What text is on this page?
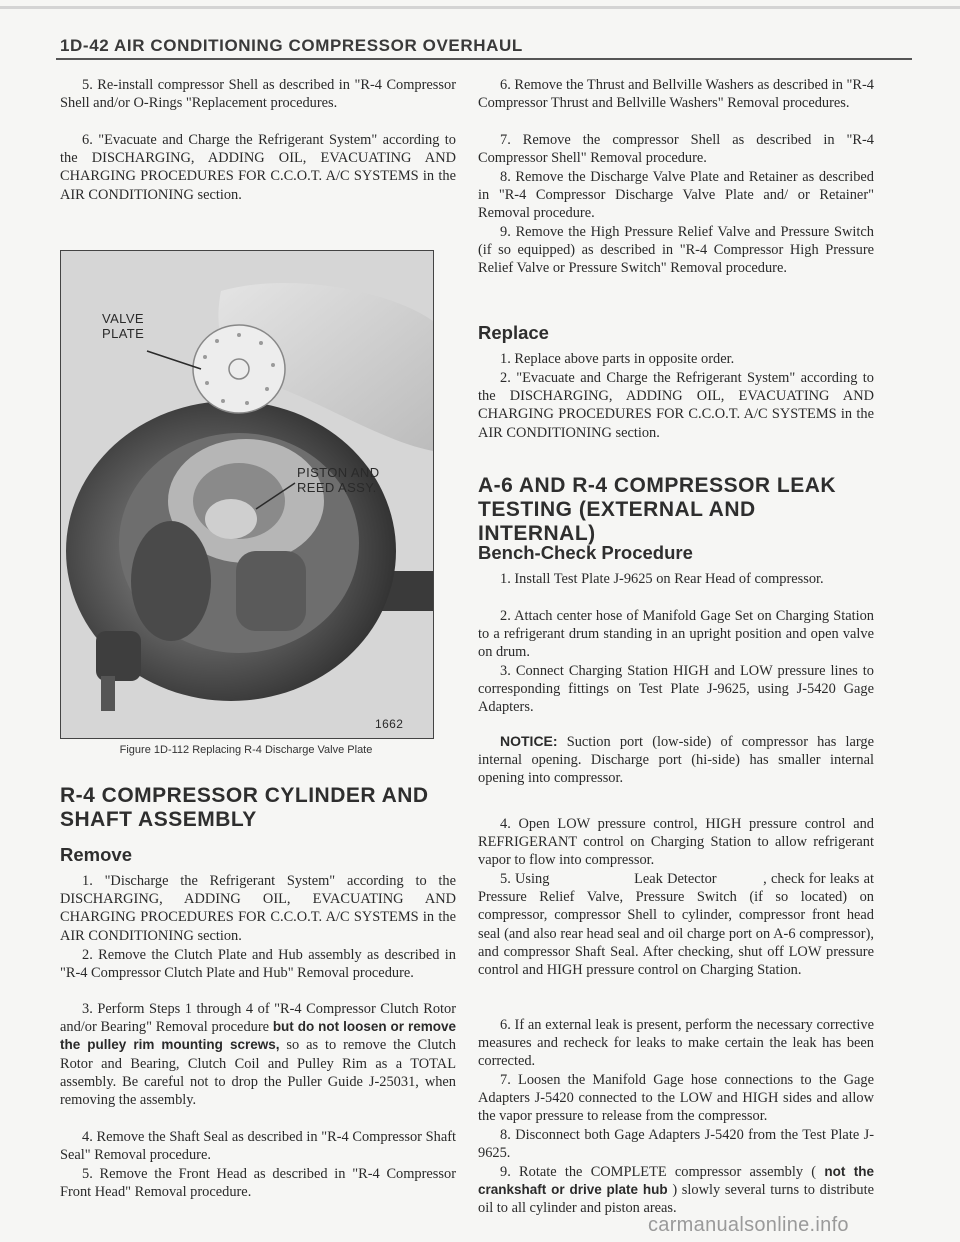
1D-42 AIR CONDITIONING COMPRESSOR OVERHAUL

5. Re-install compressor Shell as described in "R-4 Compressor Shell and/or O-Rings "Replacement procedures.

6. "Evacuate and Charge the Refrigerant System" according to the DISCHARGING, ADDING OIL, EVACUATING AND CHARGING PROCEDURES FOR C.C.O.T. A/C SYSTEMS in the AIR CONDITIONING section.

VALVE
PLATE
PISTON AND
REED ASSY.
1662
Figure 1D-112 Replacing R-4 Discharge Valve Plate
R-4 COMPRESSOR CYLINDER AND SHAFT ASSEMBLY
Remove

1. "Discharge the Refrigerant System" according to the DISCHARGING, ADDING OIL, EVACUATING AND CHARGING PROCEDURES FOR C.C.O.T. A/C SYSTEMS in the AIR CONDITIONING section.

2. Remove the Clutch Plate and Hub assembly as described in "R-4 Compressor Clutch Plate and Hub" Removal procedure.

3. Perform Steps 1 through 4 of "R-4 Compressor Clutch Rotor and/or Bearing" Removal procedure but do not loosen or remove the pulley rim mounting screws, so as to remove the Clutch Rotor and Bearing, Clutch Coil and Pulley Rim as a TOTAL assembly. Be careful not to drop the Puller Guide J-25031, when removing the assembly.

4. Remove the Shaft Seal as described in "R-4 Compressor Shaft Seal" Removal procedure.

5. Remove the Front Head as described in "R-4 Compressor Front Head" Removal procedure.

6. Remove the Thrust and Bellville Washers as described in "R-4 Compressor Thrust and Bellville Washers" Removal procedures.

7. Remove the compressor Shell as described in "R-4 Compressor Shell" Removal procedure.

8. Remove the Discharge Valve Plate and Retainer as described in "R-4 Compressor Discharge Valve Plate and/ or Retainer" Removal procedure.

9. Remove the High Pressure Relief Valve and Pressure Switch (if so equipped) as described in "R-4 Compressor High Pressure Relief Valve or Pressure Switch" Removal procedure.

Replace

1. Replace above parts in opposite order.

2. "Evacuate and Charge the Refrigerant System" according to the DISCHARGING, ADDING OIL, EVACUATING AND CHARGING PROCEDURES FOR C.C.O.T. A/C SYSTEMS in the AIR CONDITIONING section.

A-6 AND R-4 COMPRESSOR LEAK TESTING (EXTERNAL AND INTERNAL)
Bench-Check Procedure

1. Install Test Plate J-9625 on Rear Head of compressor.

2. Attach center hose of Manifold Gage Set on Charging Station to a refrigerant drum standing in an upright position and open valve on drum.

3. Connect Charging Station HIGH and LOW pressure lines to corresponding fittings on Test Plate J-9625, using J-5420 Gage Adapters.

NOTICE: Suction port (low-side) of compressor has large internal opening. Discharge port (hi-side) has smaller internal opening into compressor.

4. Open LOW pressure control, HIGH pressure control and REFRIGERANT control on Charging Station to allow refrigerant vapor to flow into compressor.

5. Using                    Leak Detector           , check for leaks at Pressure Relief Valve, Pressure Switch (if so located) on compressor, compressor Shell to cylinder, compressor front head seal (and also rear head seal and oil charge port on A-6 compressor), and compressor Shaft Seal. After checking, shut off LOW pressure control and HIGH pressure control on Charging Station.

6. If an external leak is present, perform the necessary corrective measures and recheck for leaks to make certain the leak has been corrected.

7. Loosen the Manifold Gage hose connections to the Gage Adapters J-5420 connected to the LOW and HIGH sides and allow the vapor pressure to release from the compressor.

8. Disconnect both Gage Adapters J-5420 from the Test Plate J-9625.

9. Rotate the COMPLETE compressor assembly ( not the crankshaft or drive plate hub ) slowly several turns to distribute oil to all cylinder and piston areas.

carmanualsonline.info
